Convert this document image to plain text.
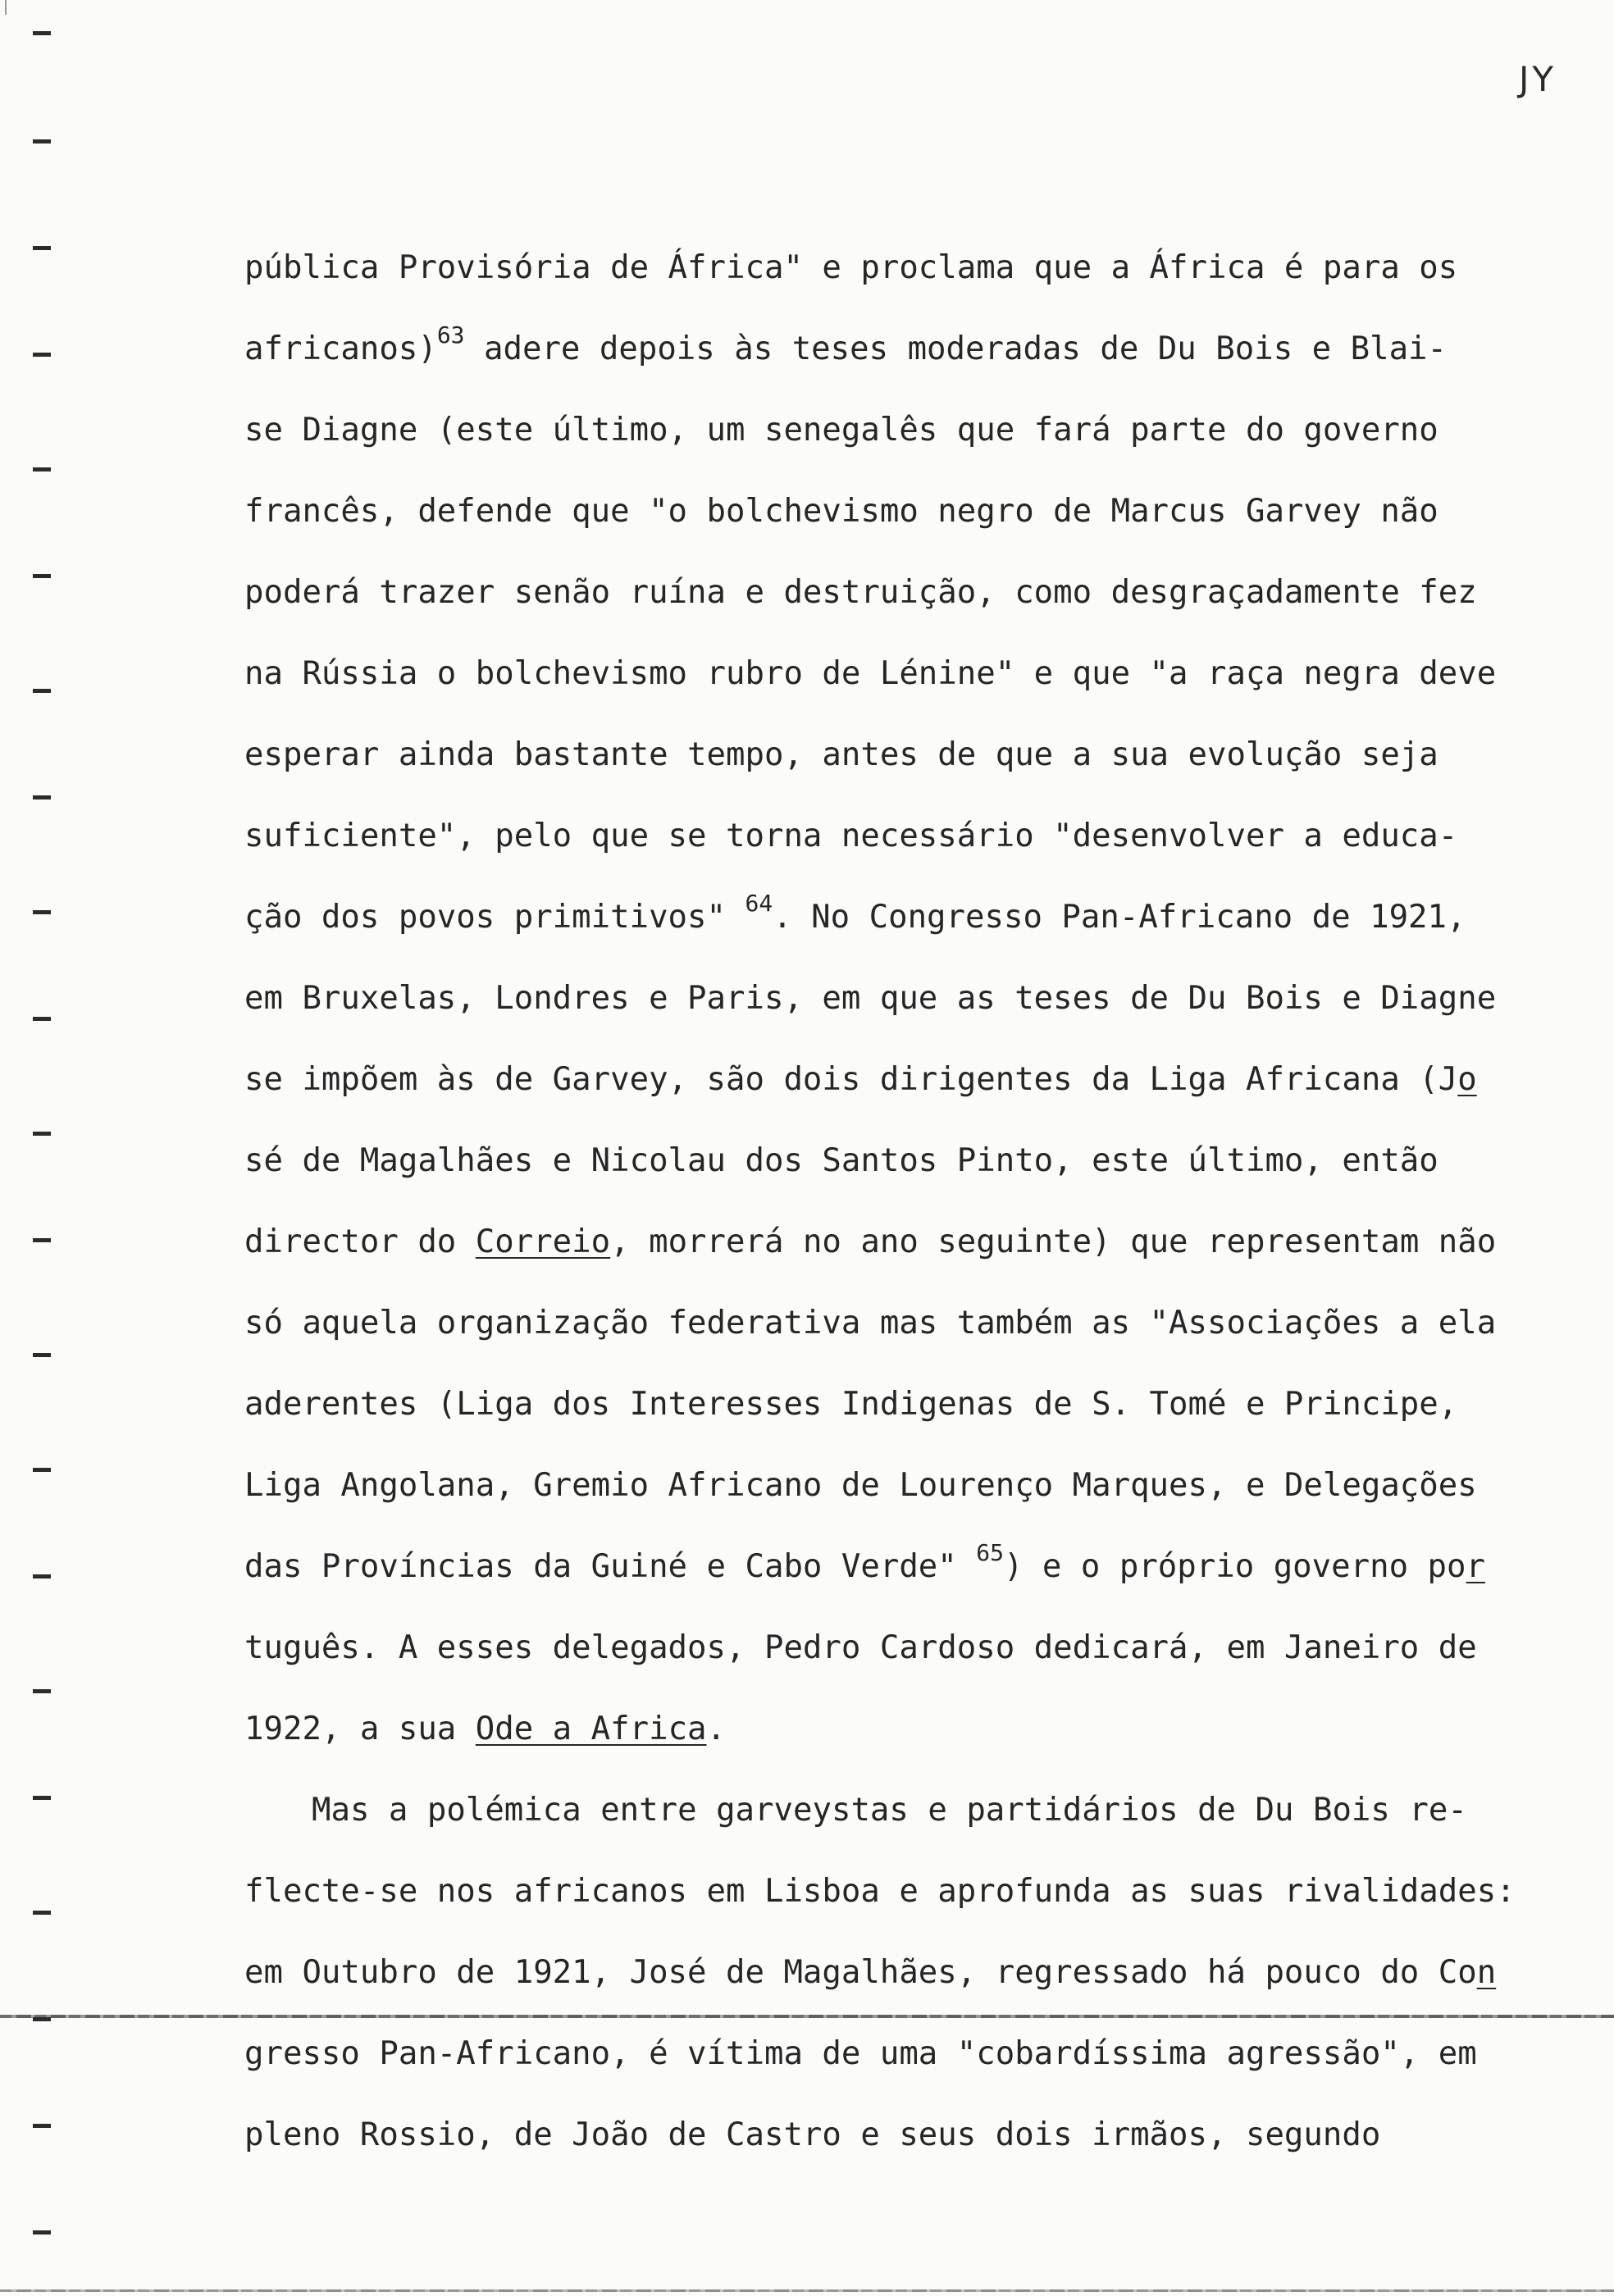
JY
pública Provisória de África" e proclama que a África é para os
africanos)$^{63}$ adere depois às teses moderadas de Du Bois e Blai-
se Diagne (este último, um senegalês que fará parte do governo
francês, defende que "o bolchevismo negro de Marcus Garvey não
poderá trazer senão ruína e destruição, como desgraçadamente fez
na Rússia o bolchevismo rubro de Lénine" e que "a raça negra deve
esperar ainda bastante tempo, antes de que a sua evolução seja
suficiente", pelo que se torna necessário "desenvolver a educa-
ção dos povos primitivos" $^{64}$. No Congresso Pan-Africano de 1921,
em Bruxelas, Londres e Paris, em que as teses de Du Bois e Diagne
se impõem às de Garvey, são dois dirigentes da Liga Africana (Jo
sé de Magalhães e Nicolau dos Santos Pinto, este último, então
director do Correio, morrerá no ano seguinte) que representam não
só aquela organização federativa mas também as "Associações a ela
aderentes (Liga dos Interesses Indigenas de S. Tomé e Principe,
Liga Angolana, Gremio Africano de Lourenço Marques, e Delegações
das Províncias da Guiné e Cabo Verde" $^{65}$) e o próprio governo por
tuguês. A esses delegados, Pedro Cardoso dedicará, em Janeiro de
1922, a sua Ode a Africa.
Mas a polémica entre garveystas e partidários de Du Bois re-
flecte-se nos africanos em Lisboa e aprofunda as suas rivalidades:
em Outubro de 1921, José de Magalhães, regressado há pouco do Con
gresso Pan-Africano, é vítima de uma "cobardíssima agressão", em
pleno Rossio, de João de Castro e seus dois irmãos, segundo
